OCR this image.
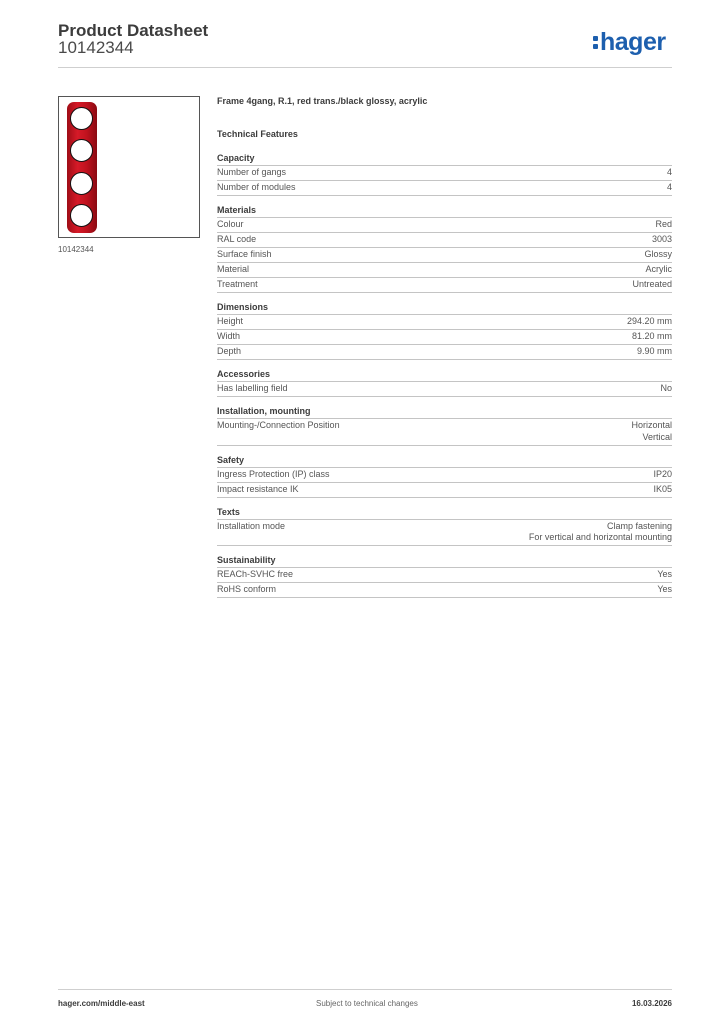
Product Datasheet
10142344	hager
10142344
Frame 4gang, R.1, red trans./black glossy, acrylic
Technical Features
Capacity
Number of gangs	4
Number of modules	4
Materials
Colour	Red
RAL code	3003
Surface finish	Glossy
Material	Acrylic
Treatment	Untreated
Dimensions
Height	294.20 mm
Width	81.20 mm
Depth	9.90 mm
Accessories
Has labelling field	No
Installation, mounting
Mounting-/Connection Position	Horizontal
Vertical
Safety
Ingress Protection (IP) class	IP20
Impact resistance IK	IK05
Texts
Installation mode	Clamp fastening
For vertical and horizontal mounting
Sustainability
REACh-SVHC free	Yes
RoHS conform	Yes
hager.com/middle-east	Subject to technical changes	16.03.2026
